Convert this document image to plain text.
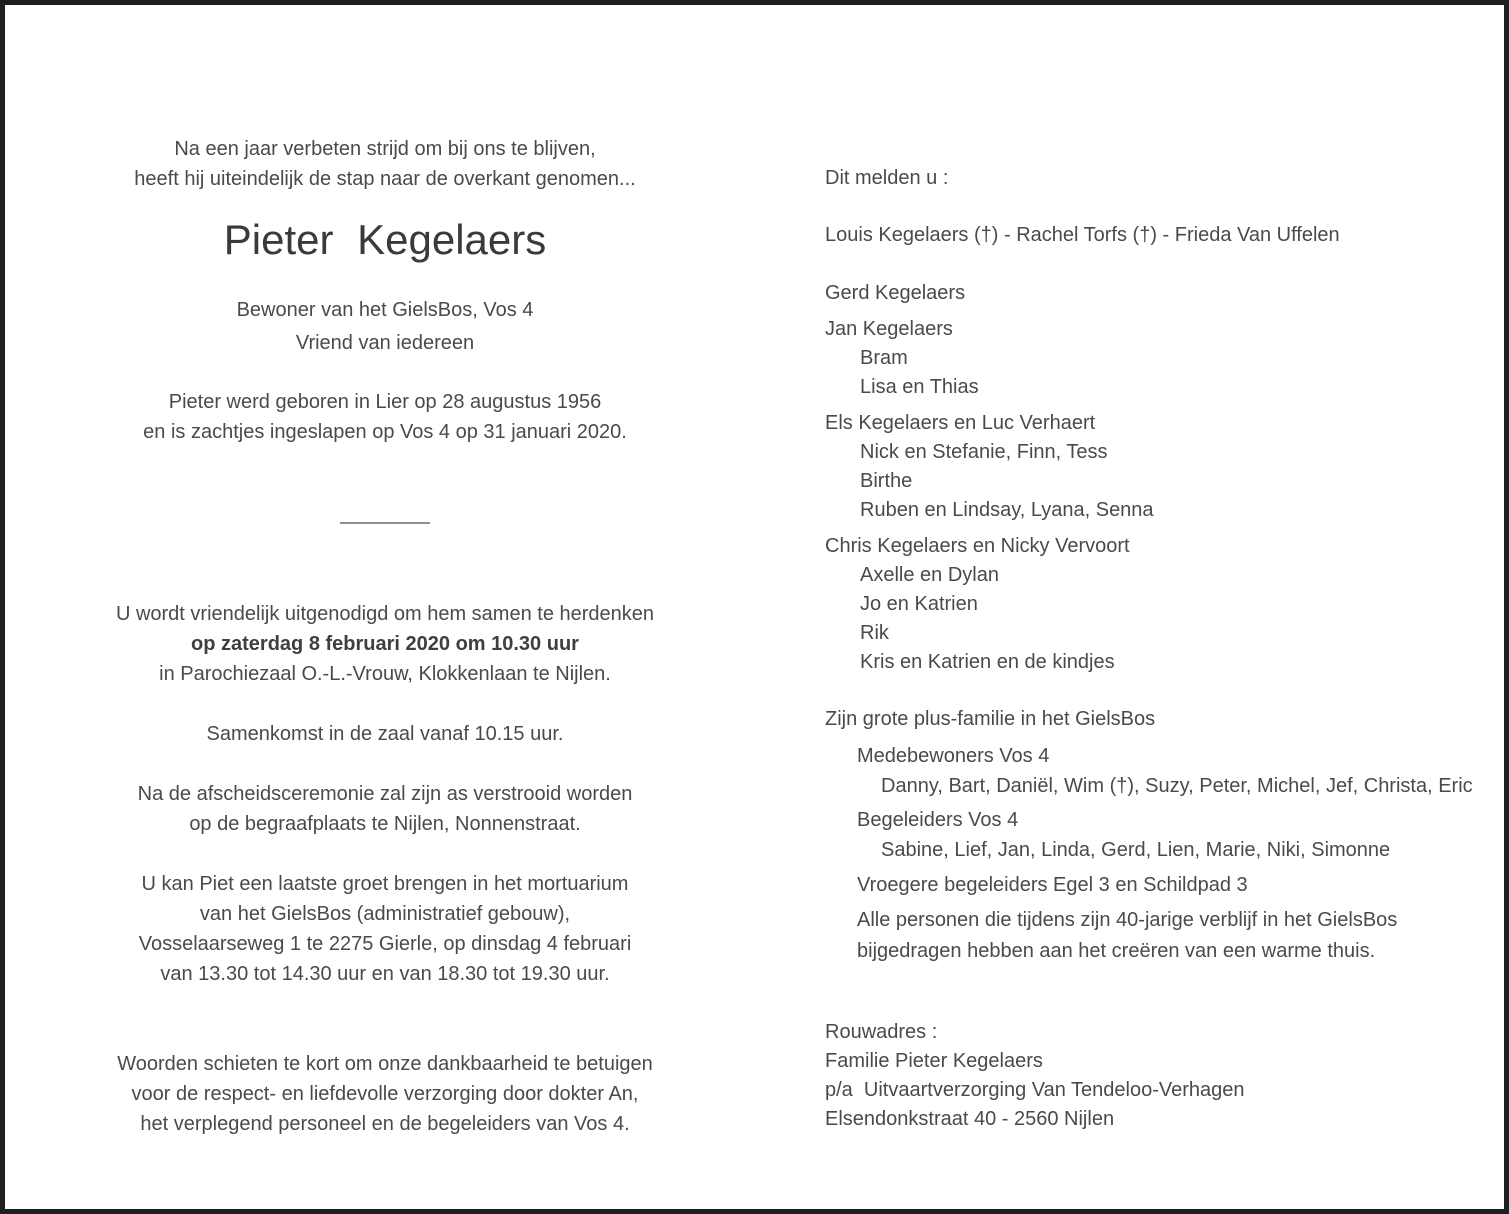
Na een jaar verbeten strijd om bij ons te blijven,
heeft hij uiteindelijk de stap naar de overkant genomen...
Pieter Kegelaers
Bewoner van het GielsBos, Vos 4
Vriend van iedereen
Pieter werd geboren in Lier op 28 augustus 1956
en is zachtjes ingeslapen op Vos 4 op 31 januari 2020.
U wordt vriendelijk uitgenodigd om hem samen te herdenken
op zaterdag 8 februari 2020 om 10.30 uur
in Parochiezaal O.-L.-Vrouw, Klokkenlaan te Nijlen.
Samenkomst in de zaal vanaf 10.15 uur.
Na de afscheidsceremonie zal zijn as verstrooid worden
op de begraafplaats te Nijlen, Nonnenstraat.
U kan Piet een laatste groet brengen in het mortuarium
van het GielsBos (administratief gebouw),
Vosselaarseweg 1 te 2275 Gierle, op dinsdag 4 februari
van 13.30 tot 14.30 uur en van 18.30 tot 19.30 uur.
Woorden schieten te kort om onze dankbaarheid te betuigen
voor de respect- en liefdevolle verzorging door dokter An,
het verplegend personeel en de begeleiders van Vos 4.
Dit melden u :
Louis Kegelaers (†) - Rachel Torfs (†) - Frieda Van Uffelen
Gerd Kegelaers
Jan Kegelaers
Bram
Lisa en Thias
Els Kegelaers en Luc Verhaert
Nick en Stefanie, Finn, Tess
Birthe
Ruben en Lindsay, Lyana, Senna
Chris Kegelaers en Nicky Vervoort
Axelle en Dylan
Jo en Katrien
Rik
Kris en Katrien en de kindjes
Zijn grote plus-familie in het GielsBos
Medebewoners Vos 4
Danny, Bart, Daniël, Wim (†), Suzy, Peter, Michel, Jef, Christa, Eric
Begeleiders Vos 4
Sabine, Lief, Jan, Linda, Gerd, Lien, Marie, Niki, Simonne
Vroegere begeleiders Egel 3 en Schildpad 3
Alle personen die tijdens zijn 40-jarige verblijf in het GielsBos
bijgedragen hebben aan het creëren van een warme thuis.
Rouwadres :
Familie Pieter Kegelaers
p/a  Uitvaartverzorging Van Tendeloo-Verhagen
Elsendonkstraat 40 - 2560 Nijlen
